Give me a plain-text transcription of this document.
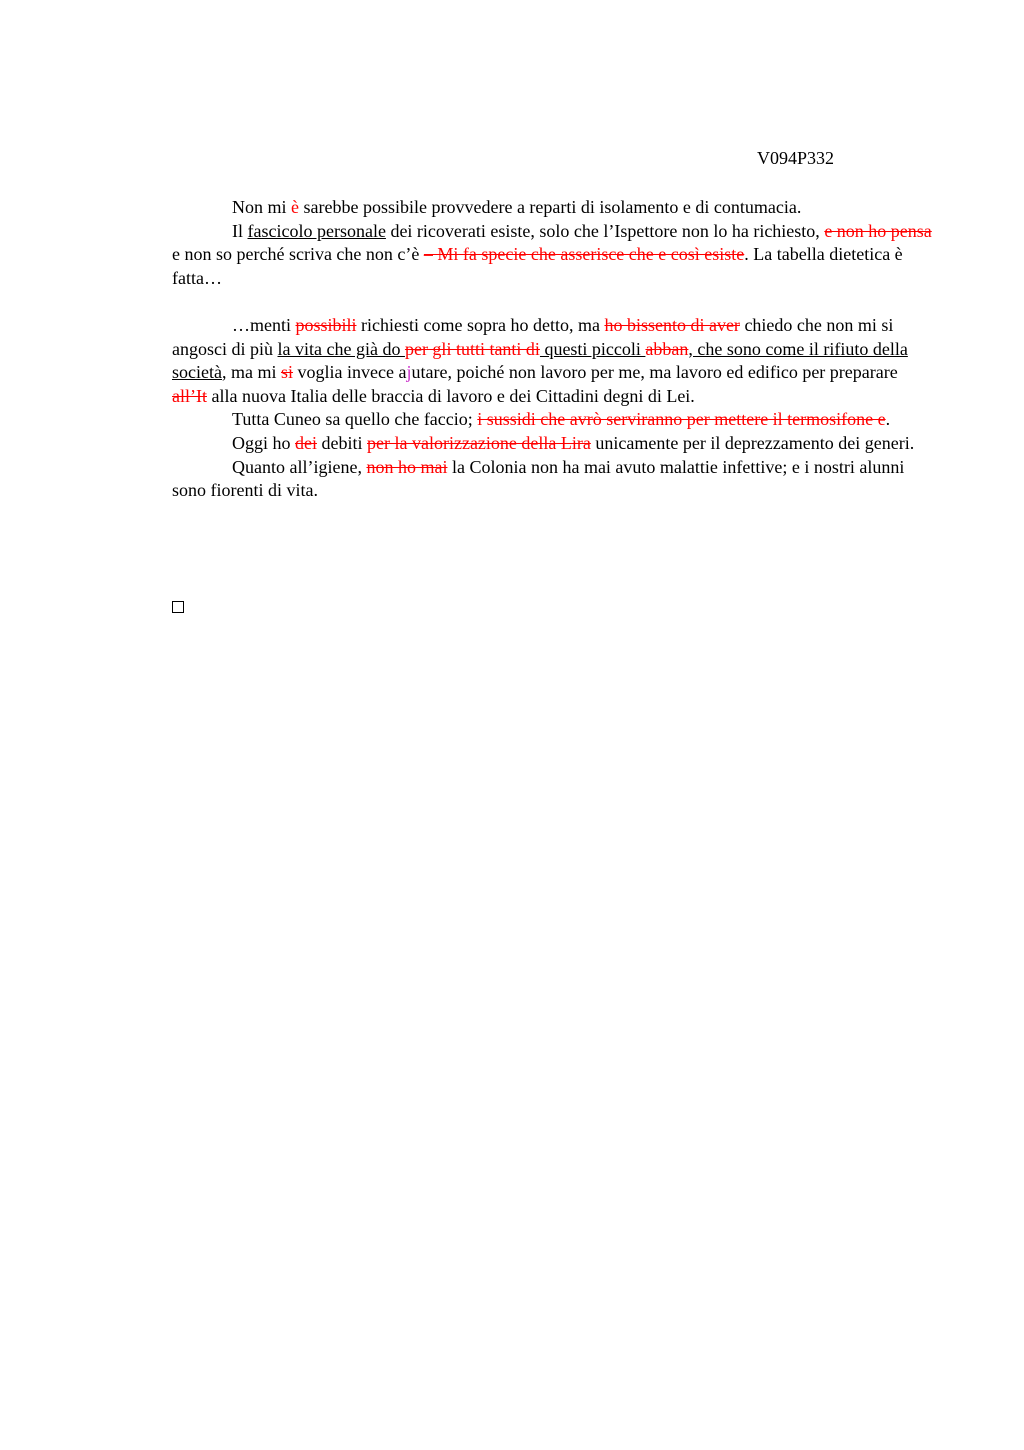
V094P332

Non mi è sarebbe possibile provvedere a reparti di isolamento e di contumacia.

Il fascicolo personale dei ricoverati esiste, solo che l’Ispettore non lo ha richiesto, e non ho pensa e non so perché scriva che non c’è – Mi fa specie che asserisce che e così esiste. La tabella dietetica è fatta…

…menti possibili richiesti come sopra ho detto, ma ho bissento di aver chiedo che non mi si angosci di più la vita che già do per gli tutti tanti di questi piccoli abban, che sono come il rifiuto della società, ma mi si voglia invece ajutare, poiché non lavoro per me, ma lavoro ed edifico per preparare all’It alla nuova Italia delle braccia di lavoro e dei Cittadini degni di Lei.

Tutta Cuneo sa quello che faccio; i sussidi che avrò serviranno per mettere il termosifone e.

Oggi ho dei debiti per la valorizzazione della Lira unicamente per il deprezzamento dei generi.

Quanto all’igiene, non ho mai la Colonia non ha mai avuto malattie infettive; e i nostri alunni sono fiorenti di vita.
